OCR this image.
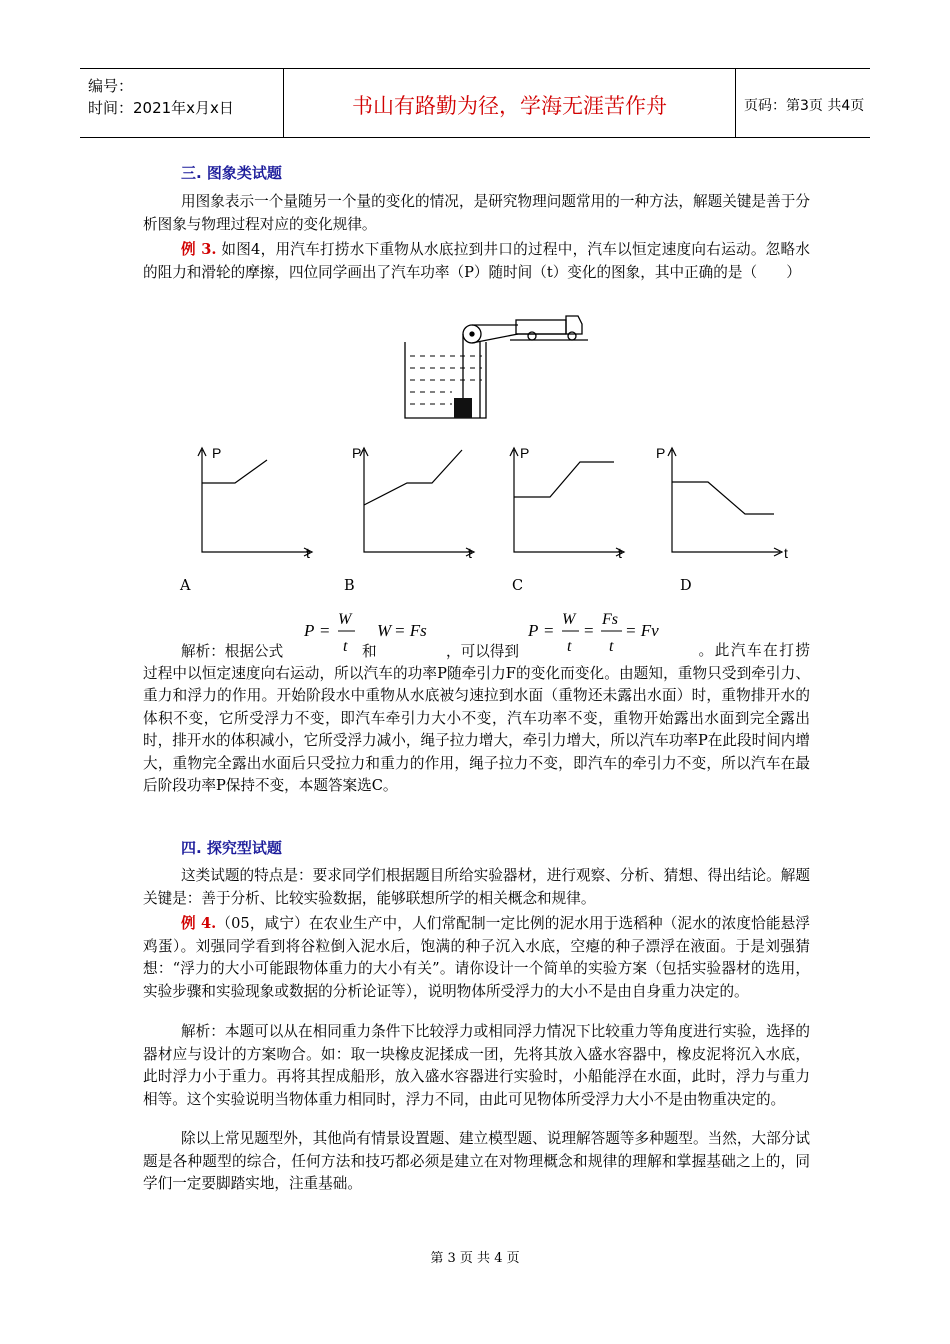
编号：
时间：2021年x月x日	书山有路勤为径，学海无涯苦作舟	页码：第3页 共4页
三. 图象类试题
用图象表示一个量随另一个量的变化的情况，是研究物理问题常用的一种方法，解题关键是善于分析图象与物理过程对应的变化规律。
例 3. 如图4，用汽车打捞水下重物从水底拉到井口的过程中，汽车以恒定速度向右运动。忽略水的阻力和滑轮的摩擦，四位同学画出了汽车功率（P）随时间（t）变化的图象，其中正确的是（　　）
P
t
P
t
P
t
P
t
A	B	C	D
P =
W
t
W = Fs	P =
W
t
=
Fs
t
= Fv
解析：根据公式	和	，可以得到	。此汽车在打捞过程中以恒定速度向右运动，所以汽车的功率P随牵引力F的变化而变化。由题知，重物只受到牵引力、重力和浮力的作用。开始阶段水中重物从水底被匀速拉到水面（重物还未露出水面）时，重物排开水的体积不变，它所受浮力不变，即汽车牵引力大小不变，汽车功率不变，重物开始露出水面到完全露出时，排开水的体积减小，它所受浮力减小，绳子拉力增大，牵引力增大，所以汽车功率P在此段时间内增大，重物完全露出水面后只受拉力和重力的作用，绳子拉力不变，即汽车的牵引力不变，所以汽车在最后阶段功率P保持不变，本题答案选C。
四. 探究型试题
这类试题的特点是：要求同学们根据题目所给实验器材，进行观察、分析、猜想、得出结论。解题关键是：善于分析、比较实验数据，能够联想所学的相关概念和规律。
例 4.（05，咸宁）在农业生产中，人们常配制一定比例的泥水用于选稻种（泥水的浓度恰能悬浮鸡蛋）。刘强同学看到将谷粒倒入泥水后，饱满的种子沉入水底，空瘪的种子漂浮在液面。于是刘强猜想：“浮力的大小可能跟物体重力的大小有关”。请你设计一个简单的实验方案（包括实验器材的选用，实验步骤和实验现象或数据的分析论证等），说明物体所受浮力的大小不是由自身重力决定的。
解析：本题可以从在相同重力条件下比较浮力或相同浮力情况下比较重力等角度进行实验，选择的器材应与设计的方案吻合。如：取一块橡皮泥揉成一团，先将其放入盛水容器中，橡皮泥将沉入水底，此时浮力小于重力。再将其捏成船形，放入盛水容器进行实验时，小船能浮在水面，此时，浮力与重力相等。这个实验说明当物体重力相同时，浮力不同，由此可见物体所受浮力大小不是由物重决定的。
除以上常见题型外，其他尚有情景设置题、建立模型题、说理解答题等多种题型。当然，大部分试题是各种题型的综合，任何方法和技巧都必须是建立在对物理概念和规律的理解和掌握基础之上的，同学们一定要脚踏实地，注重基础。
第 3 页 共 4 页
